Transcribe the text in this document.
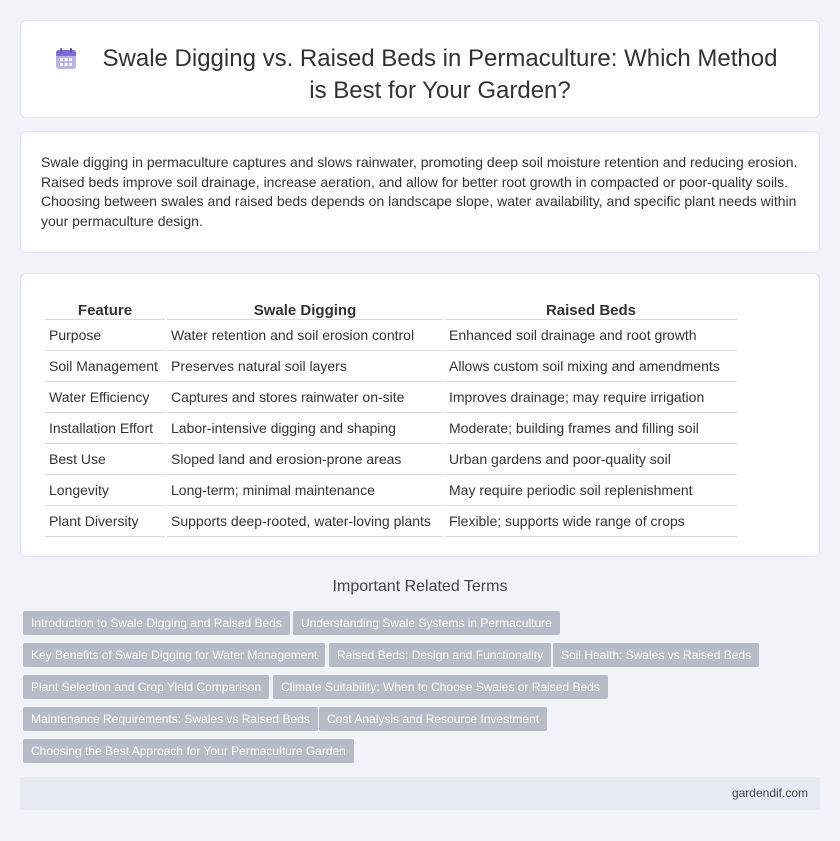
Swale Digging vs. Raised Beds in Permaculture: Which Method is Best for Your Garden?

Swale digging in permaculture captures and slows rainwater, promoting deep soil moisture retention and reducing erosion. Raised beds improve soil drainage, increase aeration, and allow for better root growth in compacted or poor-quality soils. Choosing between swales and raised beds depends on landscape slope, water availability, and specific plant needs within your permaculture design.

Feature	Swale Digging	Raised Beds
Purpose	Water retention and soil erosion control	Enhanced soil drainage and root growth
Soil Management	Preserves natural soil layers	Allows custom soil mixing and amendments
Water Efficiency	Captures and stores rainwater on-site	Improves drainage; may require irrigation
Installation Effort	Labor-intensive digging and shaping	Moderate; building frames and filling soil
Best Use	Sloped land and erosion-prone areas	Urban gardens and poor-quality soil
Longevity	Long-term; minimal maintenance	May require periodic soil replenishment
Plant Diversity	Supports deep-rooted, water-loving plants	Flexible; supports wide range of crops
Important Related Terms
Introduction to Swale Digging and Raised Beds	Understanding Swale Systems in Permaculture
Key Benefits of Swale Digging for Water Management	Raised Beds: Design and Functionality	Soil Health: Swales vs Raised Beds
Plant Selection and Crop Yield Comparison	Climate Suitability: When to Choose Swales or Raised Beds
Maintenance Requirements: Swales vs Raised Beds	Cost Analysis and Resource Investment
Choosing the Best Approach for Your Permaculture Garden
gardendif.com
